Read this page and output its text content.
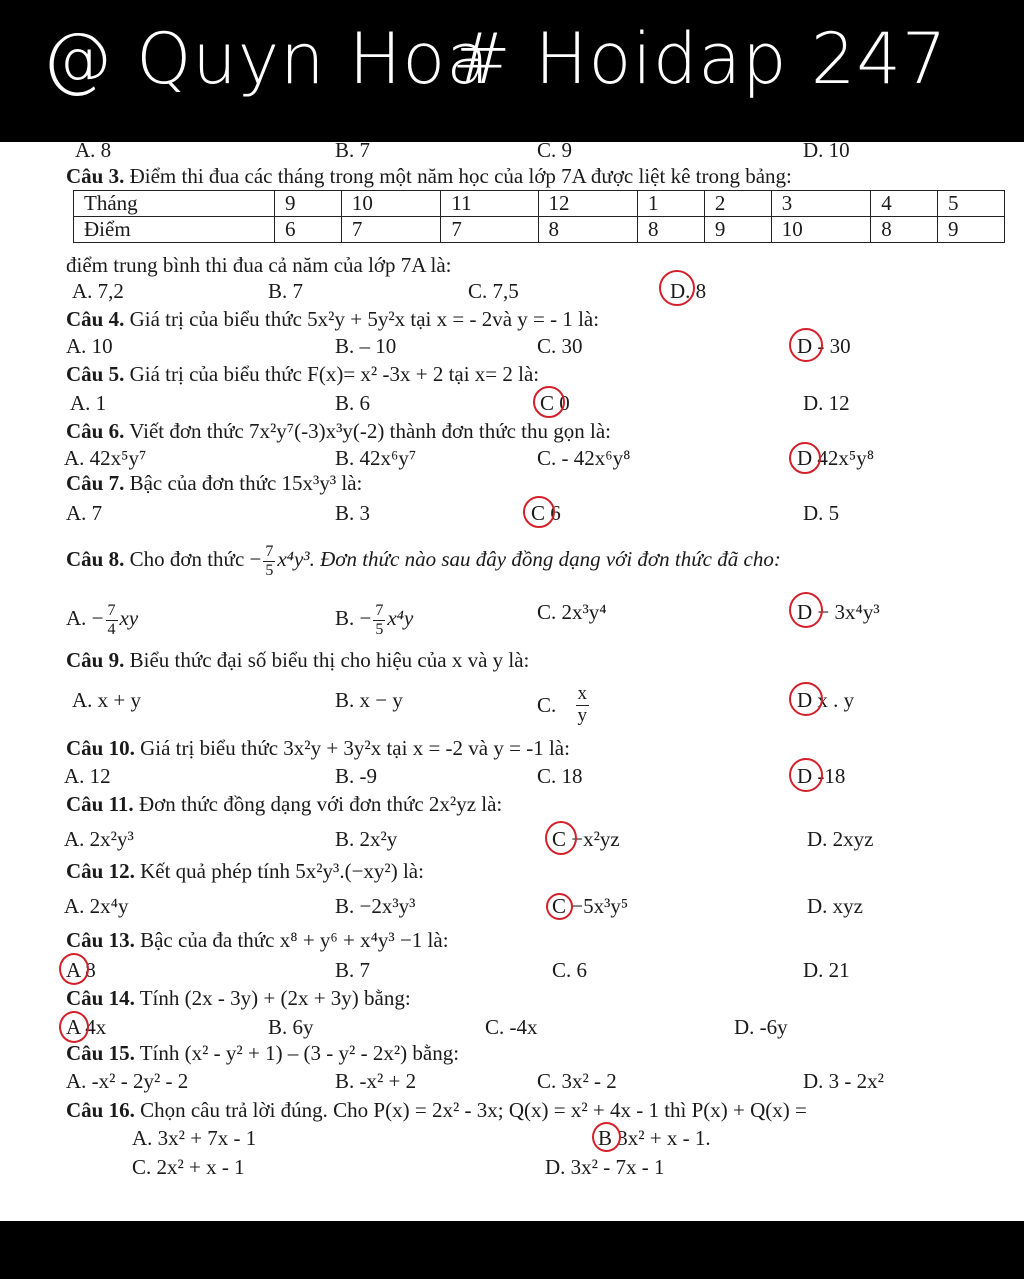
@ Quyn Hoa
# Hoidap 247
A. 8	B. 7	C. 9	D. 10
Câu 3. Điểm thi đua các tháng trong một năm học của lớp 7A được liệt kê trong bảng:
Tháng	9	10	11	12	1	2	3	4	5
Điểm	6	7	7	8	8	9	10	8	9
điểm trung bình thi đua cả năm của lớp 7A là:
A. 7,2	B. 7	C. 7,5	D. 8
Câu 4. Giá trị của biểu thức 5x²y + 5y²x tại x = - 2và y = - 1 là:
A. 10	B. – 10	C. 30	D - 30
Câu 5. Giá trị của biểu thức F(x)= x² -3x + 2 tại x= 2 là:
A. 1	B. 6	C 0	D. 12
Câu 6. Viết đơn thức 7x²y⁷(-3)x³y(-2) thành đơn thức thu gọn là:
A. 42x⁵y⁷	B. 42x⁶y⁷	C. - 42x⁶y⁸	D 42x⁵y⁸
Câu 7. Bậc của đơn thức 15x³y³ là:
A. 7	B. 3	C 6	D. 5
Câu 8. Cho đơn thức − $\frac{7}{5} x^4y^3$. Đơn thức nào sau đây đồng dạng với đơn thức đã cho:
A. − $\frac{7}{4}$ xy	B. − $\frac{7}{5} x^4y$	C. 2x³y⁴	D − 3x⁴y³
Câu 9. Biểu thức đại số biểu thị cho hiệu của x và y là:
A. x + y	B. x − y	C. $\frac{x}{y}$	D x . y
Câu 10. Giá trị biểu thức 3x²y + 3y²x tại x = -2 và y = -1 là:
A. 12	B. -9	C. 18	D -18
Câu 11. Đơn thức đồng dạng với đơn thức 2x²yz là:
A. 2x²y³	B. 2x²y	C −x²yz	D. 2xyz
Câu 12. Kết quả phép tính 5x²y³.(−xy²) là:
A. 2x⁴y	B. −2x³y³	C −5x³y⁵	D. xyz
Câu 13. Bậc của đa thức x⁸ + y⁶ + x⁴y³ −1 là:
A 8	B. 7	C. 6	D. 21
Câu 14. Tính (2x - 3y) + (2x + 3y) bằng:
A 4x	B. 6y	C. -4x	D. -6y
Câu 15. Tính (x² - y² + 1) – (3 - y² - 2x²) bằng:
A. -x² - 2y² - 2	B. -x² + 2	C. 3x² - 2	D. 3 - 2x²
Câu 16. Chọn câu trả lời đúng. Cho P(x) = 2x² - 3x; Q(x) = x² + 4x - 1 thì P(x) + Q(x) =
A. 3x² + 7x - 1	B 3x² + x - 1.
C. 2x² + x - 1	D. 3x² - 7x - 1
